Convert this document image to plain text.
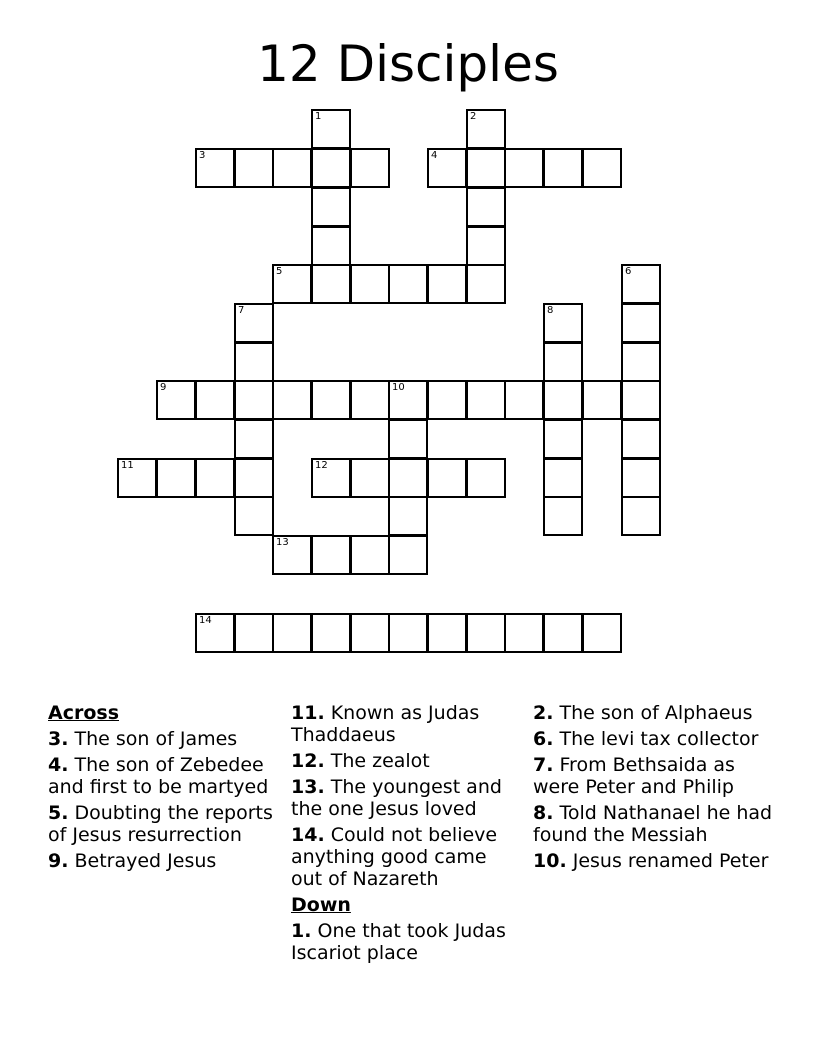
12 Disciples
1	2
3	4
5	6
7	8
9	10
11	12
13
14
Across
3. The son of James
4. The son of Zebedee and first to be martyed
5. Doubting the reports of Jesus resurrection
9. Betrayed Jesus
11. Known as Judas Thaddaeus
12. The zealot
13. The youngest and the one Jesus loved
14. Could not believe anything good came out of Nazareth
Down
1. One that took Judas Iscariot place
2. The son of Alphaeus
6. The levi tax collector
7. From Bethsaida as were Peter and Philip
8. Told Nathanael he had found the Messiah
10. Jesus renamed Peter
